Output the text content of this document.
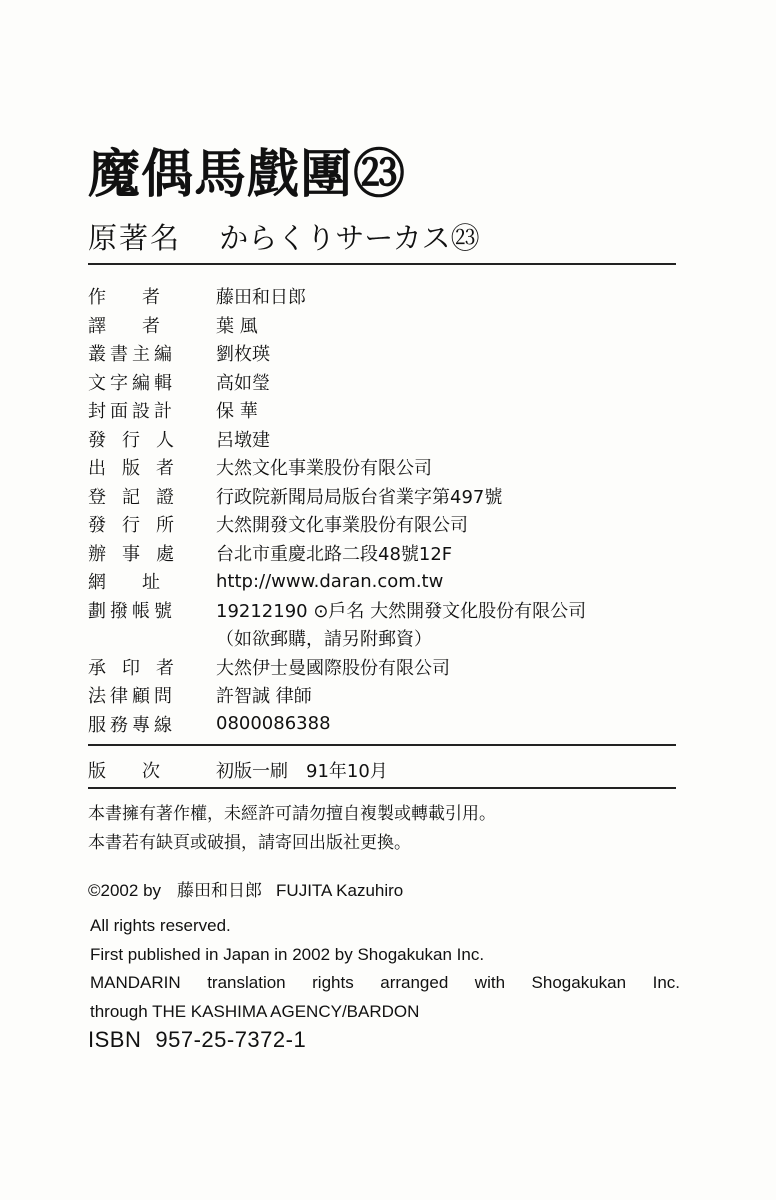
魔偶馬戲團㉓
原著名 からくりサーカス㉓
作 者	藤田和日郎
譯 者	葉 風
叢 書 主 編 劉枚瑛
文 字 編 輯 高如瑩
封 面 設 計 保 華
發 行 人 呂墩建
出 版 者 大然文化事業股份有限公司
登 記 證 行政院新聞局局版台省業字第497號
發 行 所 大然開發文化事業股份有限公司
辦 事 處 台北市重慶北路二段48號12F
網 址	http://www.daran.com.tw
劃 撥 帳 號 19212190 ⊙戶名 大然開發文化股份有限公司
（如欲郵購，請另附郵資）
承 印 者 大然伊士曼國際股份有限公司
法 律 顧 問 許智誠 律師
服 務 專 線 0800086388
版 次	初版一刷　91年10月
本書擁有著作權，未經許可請勿擅自複製或轉載引用。
本書若有缺頁或破損，請寄回出版社更換。
©2002 by 藤田和日郎 FUJITA Kazuhiro
All rights reserved.
First published in Japan in 2002 by Shogakukan Inc.
MANDARIN translation rights arranged with Shogakukan Inc.
through THE KASHIMA AGENCY/BARDON
ISBN 957-25-7372-1
